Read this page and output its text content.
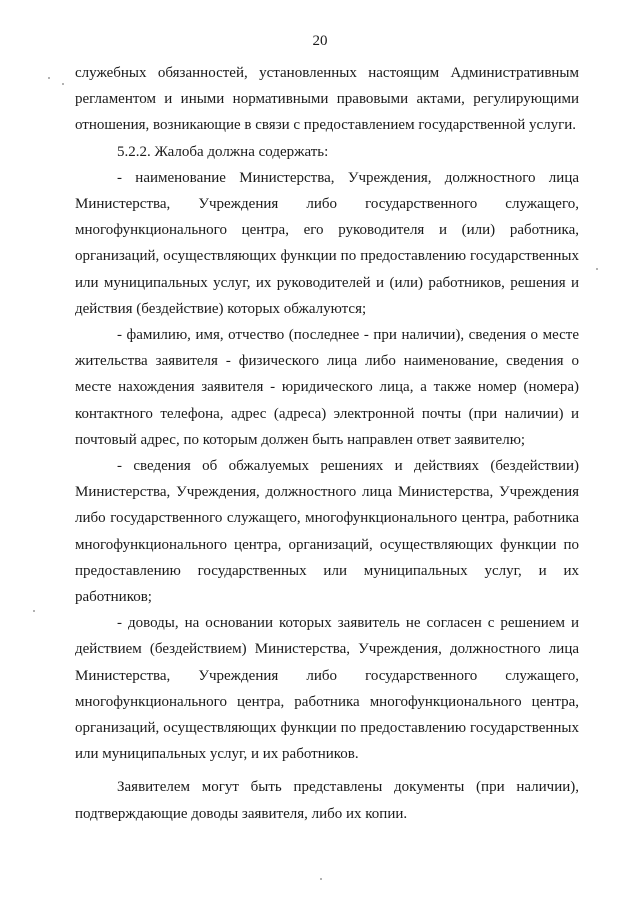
20

служебных обязанностей, установленных настоящим Административным регламентом и иными нормативными правовыми актами, регулирующими отношения, возникающие в связи с предоставлением государственной услуги.

5.2.2. Жалоба должна содержать:

- наименование Министерства, Учреждения, должностного лица Министерства, Учреждения либо государственного служащего, многофункционального центра, его руководителя и (или) работника, организаций, осуществляющих функции по предоставлению государственных или муниципальных услуг, их руководителей и (или) работников, решения и действия (бездействие) которых обжалуются;

- фамилию, имя, отчество (последнее - при наличии), сведения о месте жительства заявителя - физического лица либо наименование, сведения о месте нахождения заявителя - юридического лица, а также номер (номера) контактного телефона, адрес (адреса) электронной почты (при наличии) и почтовый адрес, по которым должен быть направлен ответ заявителю;

- сведения об обжалуемых решениях и действиях (бездействии) Министерства, Учреждения, должностного лица Министерства, Учреждения либо государственного служащего, многофункционального центра, работника многофункционального центра, организаций, осуществляющих функции по предоставлению государственных или муниципальных услуг, и их работников;

- доводы, на основании которых заявитель не согласен с решением и действием (бездействием) Министерства, Учреждения, должностного лица Министерства, Учреждения либо государственного служащего, многофункционального центра, работника многофункционального центра, организаций, осуществляющих функции по предоставлению государственных или муниципальных услуг, и их работников.

Заявителем могут быть представлены документы (при наличии), подтверждающие доводы заявителя, либо их копии.
